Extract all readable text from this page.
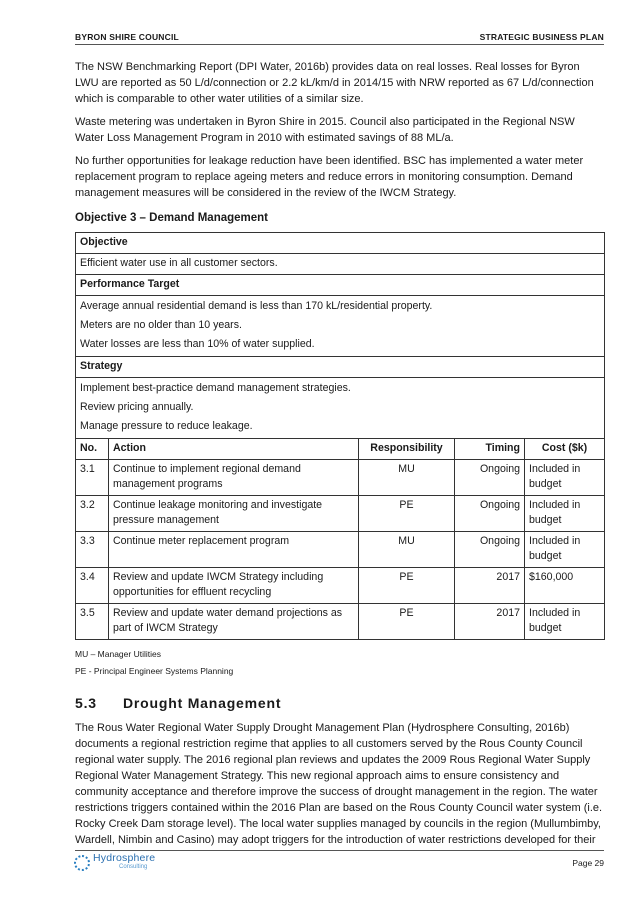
BYRON SHIRE COUNCIL	STRATEGIC BUSINESS PLAN

The NSW Benchmarking Report (DPI Water, 2016b) provides data on real losses. Real losses for Byron LWU are reported as 50 L/d/connection or 2.2 kL/km/d in 2014/15 with NRW reported as 67 L/d/connection which is comparable to other water utilities of a similar size.

Waste metering was undertaken in Byron Shire in 2015. Council also participated in the Regional NSW Water Loss Management Program in 2010 with estimated savings of 88 ML/a.

No further opportunities for leakage reduction have been identified. BSC has implemented a water meter replacement program to replace ageing meters and reduce errors in monitoring consumption. Demand management measures will be considered in the review of the IWCM Strategy.

Objective 3 – Demand Management
Objective				
Efficient water use in all customer sectors.				
Performance Target				

Average annual residential demand is less than 170 kL/residential property.
Meters are no older than 10 years.
Water losses are less than 10% of water supplied.				

Strategy				

Implement best-practice demand management strategies.
Review pricing annually.
Manage pressure to reduce leakage.				

No.	Action	Responsibility	Timing	Cost ($k)
3.1	Continue to implement regional demand management programs	MU	Ongoing	Included in budget
3.2	Continue leakage monitoring and investigate pressure management	PE	Ongoing	Included in budget
3.3	Continue meter replacement program	MU	Ongoing	Included in budget
3.4	Review and update IWCM Strategy including opportunities for effluent recycling	PE	2017	$160,000
3.5	Review and update water demand projections as part of IWCM Strategy	PE	2017	Included in budget
MU – Manager Utilities
PE - Principal Engineer Systems Planning
5.3	Drought Management

The Rous Water Regional Water Supply Drought Management Plan (Hydrosphere Consulting, 2016b) documents a regional restriction regime that applies to all customers served by the Rous County Council regional water supply. The 2016 regional plan reviews and updates the 2009 Rous Regional Water Supply Regional Water Management Strategy. This new regional approach aims to ensure consistency and community acceptance and therefore improve the success of drought management in the region. The water restrictions triggers contained within the 2016 Plan are based on the Rous County Council water system (i.e. Rocky Creek Dam storage level). The local water supplies managed by councils in the region (Mullumbimby, Wardell, Nimbin and Casino) may adopt triggers for the introduction of water restrictions developed for their

Hydrosphere
Consulting	Page 29
